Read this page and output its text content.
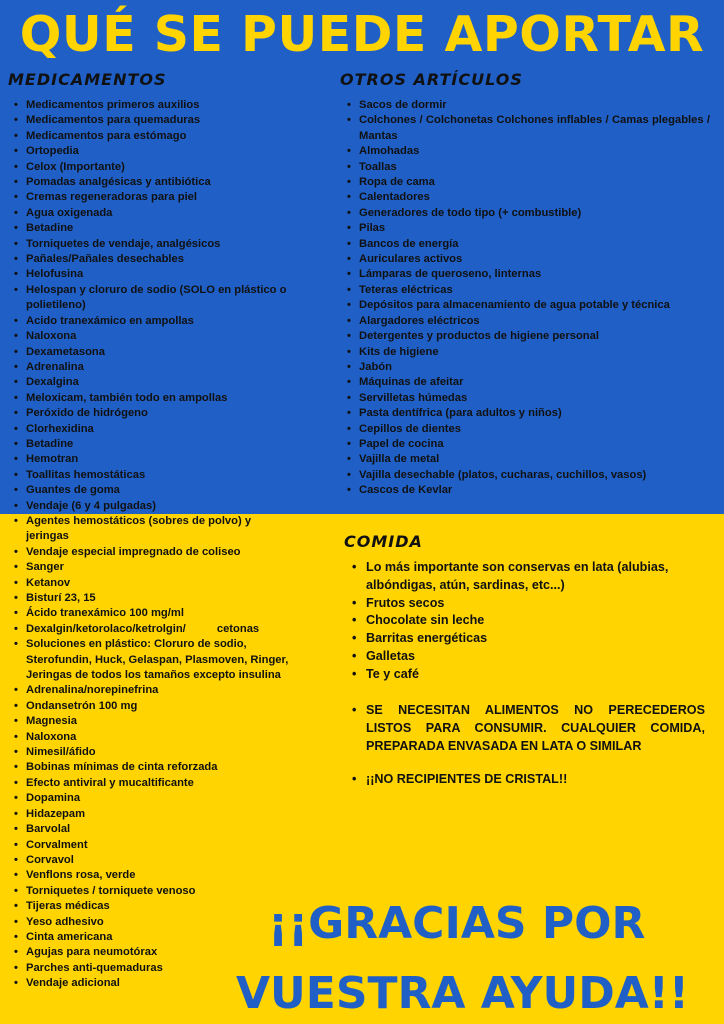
QUÉ SE PUEDE APORTAR
MEDICAMENTOS
• Medicamentos primeros auxilios
• Medicamentos para quemaduras
• Medicamentos para estómago
• Ortopedia
• Celox (Importante)
• Pomadas analgésicas y antibiótica
• Cremas regeneradoras para piel
• Agua oxigenada
• Betadine
• Torniquetes de vendaje, analgésicos
• Pañales/Pañales desechables
• Helofusina
• Helospan y cloruro de sodio (SOLO en plástico o polietileno)
• Acido tranexámico en ampollas
• Naloxona
• Dexametasona
• Adrenalina
• Dexalgina
• Meloxicam, también todo en ampollas
• Peróxido de hidrógeno
• Clorhexidina
• Betadine
• Hemotran
• Toallitas hemostáticas
• Guantes de goma
• Vendaje (6 y 4 pulgadas)
• Agentes hemostáticos (sobres de polvo) y jeringas
• Vendaje especial impregnado de coliseo
• Sanger
• Ketanov
• Bisturí 23, 15
• Ácido tranexámico 100 mg/ml
• Dexalgin/ketorolaco/ketrolgin/          cetonas
• Soluciones en plástico: Cloruro de sodio, Sterofundin, Huck, Gelaspan, Plasmoven, Ringer, Jeringas de todos los tamaños excepto insulina
• Adrenalina/norepinefrina
• Ondansetrón 100 mg
• Magnesia
• Naloxona
• Nimesil/áfido
• Bobinas mínimas de cinta reforzada
• Efecto antiviral y mucaltificante
• Dopamina
• Hidazepam
• Barvolal
• Corvalment
• Corvavol
• Venflons rosa, verde
• Torniquetes / torniquete venoso
• Tijeras médicas
• Yeso adhesivo
• Cinta americana
• Agujas para neumotórax
• Parches anti-quemaduras
• Vendaje adicional
OTROS ARTÍCULOS
• Sacos de dormir
• Colchones / Colchonetas Colchones inflables / Camas plegables / Mantas
• Almohadas
• Toallas
• Ropa de cama
• Calentadores
• Generadores de todo tipo (+ combustible)
• Pilas
• Bancos de energía
• Auriculares activos
• Lámparas de queroseno, linternas
• Teteras eléctricas
• Depósitos para almacenamiento de agua potable y técnica
• Alargadores eléctricos
• Detergentes y productos de higiene personal
• Kits de higiene
• Jabón
• Máquinas de afeitar
• Servilletas húmedas
• Pasta dentífrica (para adultos y niños)
• Cepillos de dientes
• Papel de cocina
• Vajilla de metal
• Vajilla desechable (platos, cucharas, cuchillos, vasos)
• Cascos de Kevlar
COMIDA
• Lo más importante son conservas en lata (alubias, albóndigas, atún, sardinas, etc...)
• Frutos secos
• Chocolate sin leche
• Barritas energéticas
• Galletas
• Te y café
• SE NECESITAN ALIMENTOS NO PERECEDEROS LISTOS PARA CONSUMIR. CUALQUIER COMIDA, PREPARADA ENVASADA EN LATA O SIMILAR
• ¡¡NO RECIPIENTES DE CRISTAL!!
¡¡GRACIAS POR
VUESTRA AYUDA!!
